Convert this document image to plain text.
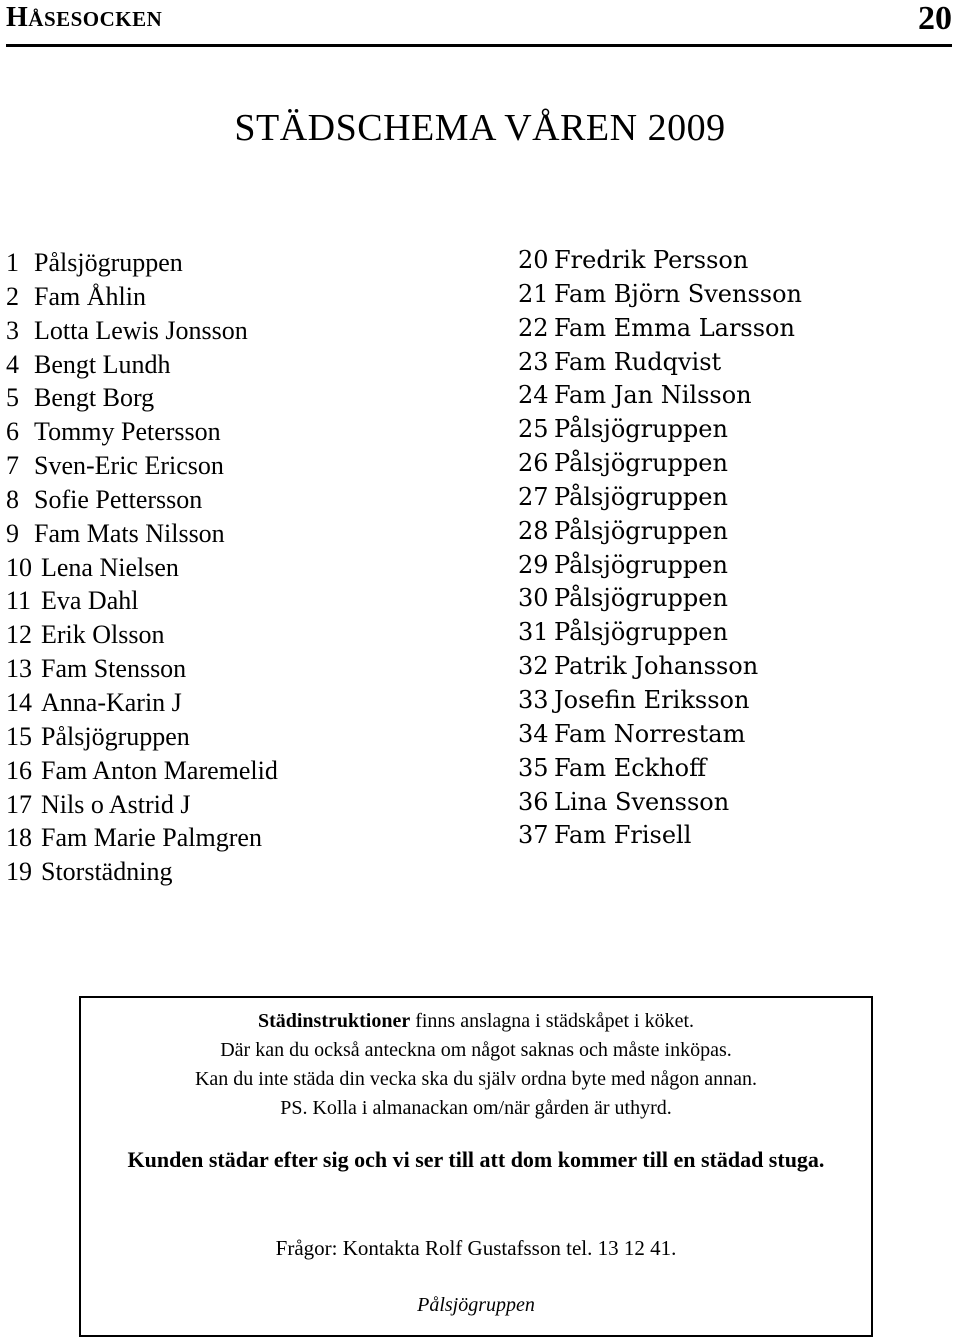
HÅSESOCKEN	20
STÄDSCHEMA VÅREN 2009
1 Pålsjögruppen
2 Fam Åhlin
3 Lotta Lewis Jonsson
4 Bengt Lundh
5 Bengt Borg
6 Tommy Petersson
7 Sven-Eric Ericson
8 Sofie Pettersson
9 Fam Mats Nilsson
10 Lena Nielsen
11 Eva Dahl
12 Erik Olsson
13 Fam Stensson
14 Anna-Karin J
15 Pålsjögruppen
16 Fam Anton Maremelid
17 Nils o Astrid J
18 Fam Marie Palmgren
19 Storstädning
20 Fredrik Persson
21 Fam Björn Svensson
22 Fam Emma Larsson
23 Fam Rudqvist
24 Fam Jan Nilsson
25 Pålsjögruppen
26 Pålsjögruppen
27 Pålsjögruppen
28 Pålsjögruppen
29 Pålsjögruppen
30 Pålsjögruppen
31 Pålsjögruppen
32 Patrik Johansson
33 Josefin Eriksson
34 Fam Norrestam
35 Fam Eckhoff
36 Lina Svensson
37 Fam Frisell

Städinstruktioner finns anslagna i städskåpet i köket.

Där kan du också anteckna om något saknas och måste inköpas.

Kan du inte städa din vecka ska du själv ordna byte med någon annan.

PS. Kolla i almanackan om/när gården är uthyrd.

Kunden städar efter sig och vi ser till att dom kommer till en städad stuga.

Frågor: Kontakta Rolf Gustafsson tel. 13 12 41.

Pålsjögruppen
